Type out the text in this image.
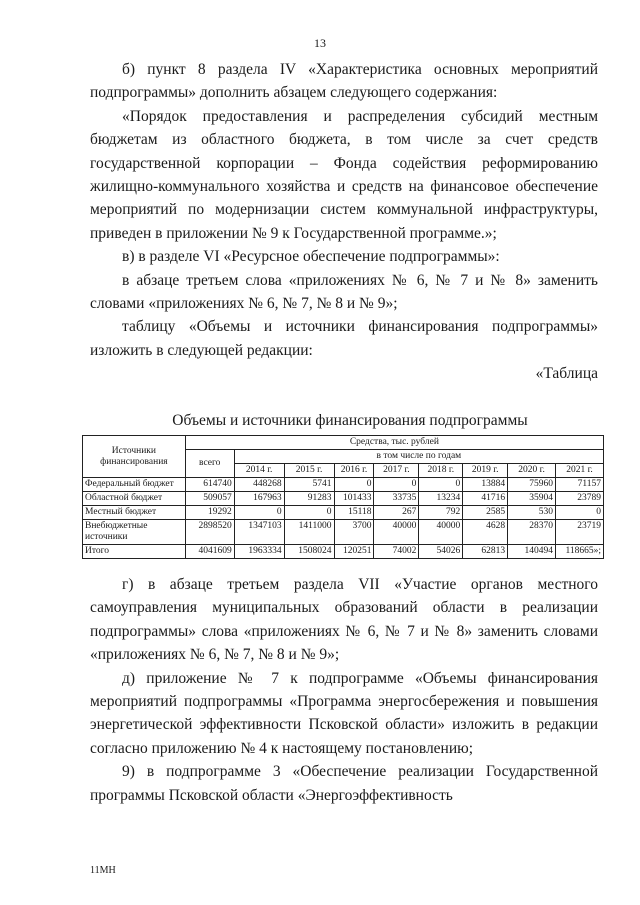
13

б) пункт 8 раздела IV «Характеристика основных мероприятий подпрограммы» дополнить абзацем следующего содержания:

«Порядок предоставления и распределения субсидий местным бюджетам из областного бюджета, в том числе за счет средств государственной корпорации – Фонда содействия реформированию жилищно-коммунального хозяйства и средств на финансовое обеспечение мероприятий по модернизации систем коммунальной инфраструктуры, приведен в приложении № 9 к Государственной программе.»;

в) в разделе VI «Ресурсное обеспечение подпрограммы»:

в абзаце третьем слова «приложениях № 6, № 7 и № 8» заменить словами «приложениях № 6, № 7, № 8 и № 9»;

таблицу «Объемы и источники финансирования подпрограммы» изложить в следующей редакции:

«Таблица

Объемы и источники финансирования подпрограммы
Источники финансирования	Средства, тыс. рублей								
	всего	в том числе по годам							
		2014 г.	2015 г.	2016 г.	2017 г.	2018 г.	2019 г.	2020 г.	2021 г.
Федеральный бюджет	614740	448268	5741	0	0	0	13884	75960	71157
Областной бюджет	509057	167963	91283	101433	33735	13234	41716	35904	23789
Местный бюджет	19292	0	0	15118	267	792	2585	530	0
Внебюджетные источники	2898520	1347103	1411000	3700	40000	40000	4628	28370	23719
Итого	4041609	1963334	1508024	120251	74002	54026	62813	140494	118665»;

г) в абзаце третьем раздела VII «Участие органов местного самоуправления муниципальных образований области в реализации подпрограммы» слова «приложениях № 6, № 7 и № 8» заменить словами «приложениях № 6, № 7, № 8 и № 9»;

д) приложение № 7 к подпрограмме «Объемы финансирования мероприятий подпрограммы «Программа энергосбережения и повышения энергетической эффективности Псковской области» изложить в редакции согласно приложению № 4 к настоящему постановлению;

9) в подпрограмме 3 «Обеспечение реализации Государственной программы Псковской области «Энергоэффективность

11МН
